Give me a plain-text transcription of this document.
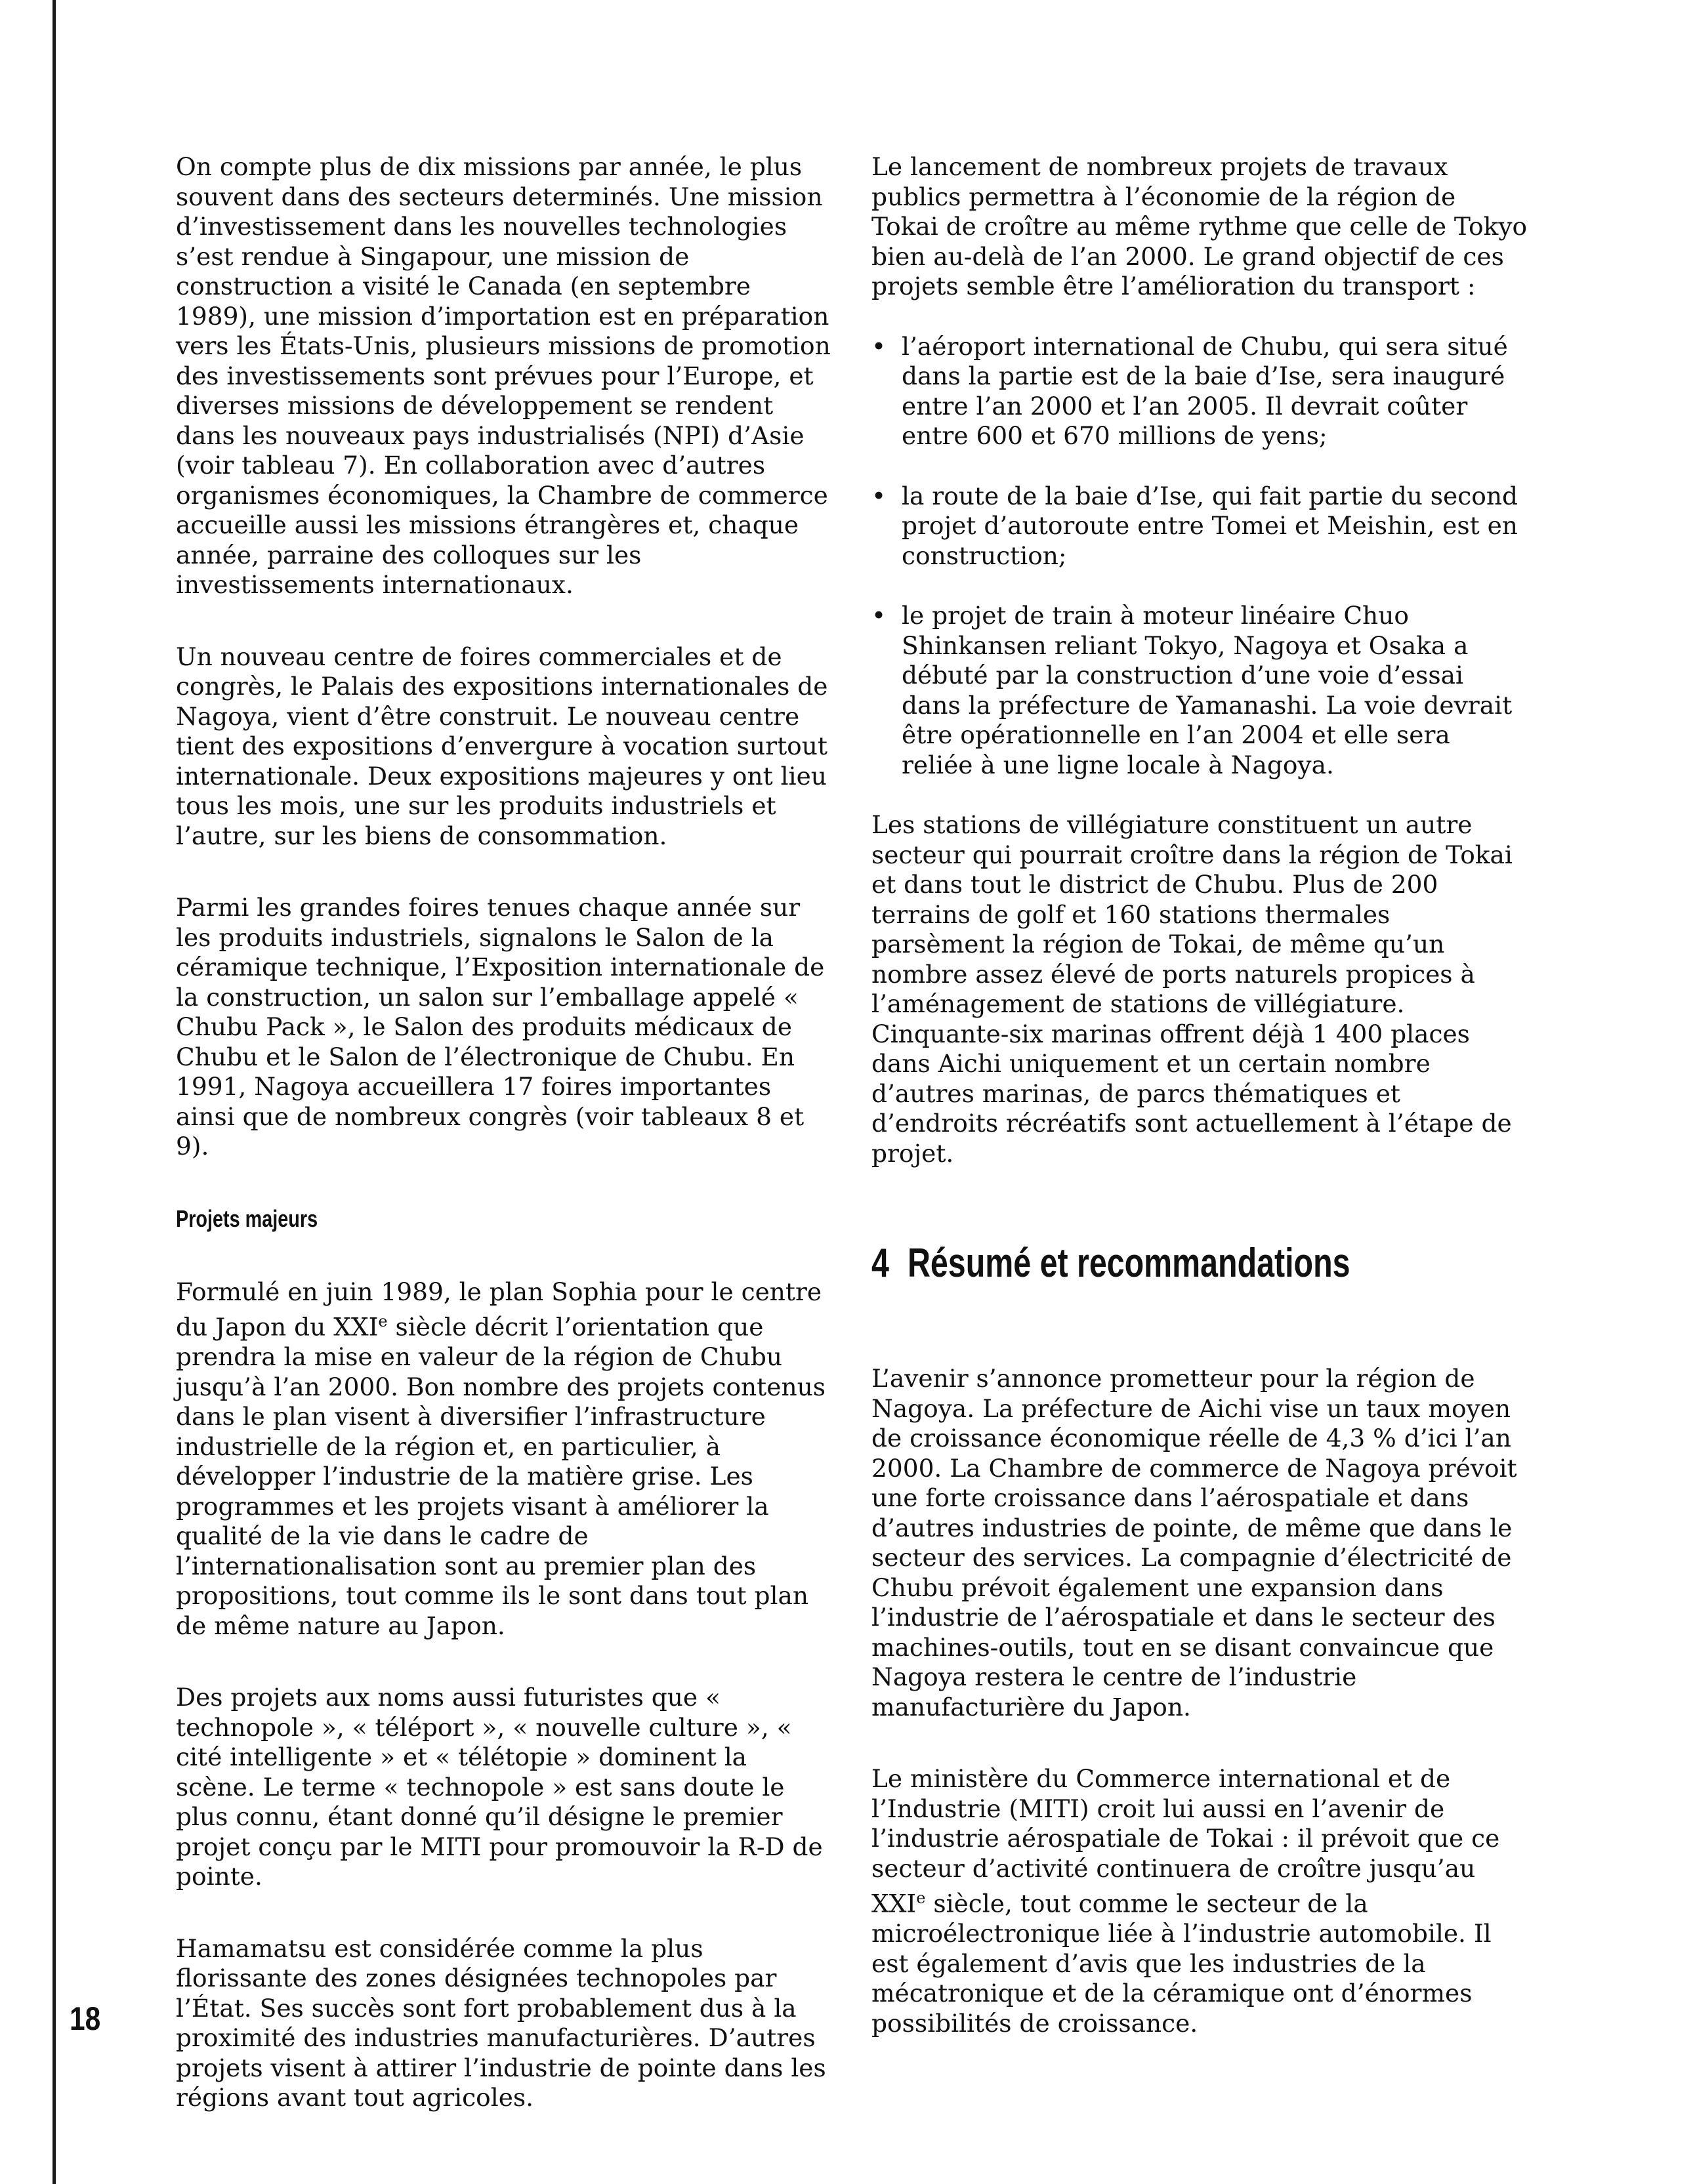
On compte plus de dix missions par année, le plus souvent dans des secteurs determinés. Une mission d’investissement dans les nouvelles technologies s’est rendue à Singapour, une mission de construction a visité le Canada (en septembre 1989), une mission d’importation est en préparation vers les États-Unis, plusieurs missions de promotion des investissements sont prévues pour l’Europe, et diverses missions de développement se rendent dans les nouveaux pays industrialisés (NPI) d’Asie (voir tableau 7). En collaboration avec d’autres organismes économiques, la Chambre de commerce accueille aussi les missions étrangères et, chaque année, parraine des colloques sur les investissements internationaux.

Un nouveau centre de foires commerciales et de congrès, le Palais des expositions internationales de Nagoya, vient d’être construit. Le nouveau centre tient des expositions d’envergure à vocation surtout internationale. Deux expositions majeures y ont lieu tous les mois, une sur les produits industriels et l’autre, sur les biens de consommation.

Parmi les grandes foires tenues chaque année sur les produits industriels, signalons le Salon de la céramique technique, l’Exposition internationale de la construction, un salon sur l’emballage appelé « Chubu Pack », le Salon des produits médicaux de Chubu et le Salon de l’électronique de Chubu. En 1991, Nagoya accueillera 17 foires importantes ainsi que de nombreux congrès (voir tableaux 8 et 9).

Projets majeurs

Formulé en juin 1989, le plan Sophia pour le centre du Japon du XXIe siècle décrit l’orientation que prendra la mise en valeur de la région de Chubu jusqu’à l’an 2000. Bon nombre des projets contenus dans le plan visent à diversifier l’infrastructure industrielle de la région et, en particulier, à développer l’industrie de la matière grise. Les programmes et les projets visant à améliorer la qualité de la vie dans le cadre de l’internationalisation sont au premier plan des propositions, tout comme ils le sont dans tout plan de même nature au Japon.

Des projets aux noms aussi futuristes que « technopole », « téléport », « nouvelle culture », « cité intelligente » et « télétopie » dominent la scène. Le terme « technopole » est sans doute le plus connu, étant donné qu’il désigne le premier projet conçu par le MITI pour promouvoir la R-D de pointe.

Hamamatsu est considérée comme la plus florissante des zones désignées technopoles par l’État. Ses succès sont fort probablement dus à la proximité des industries manufacturières. D’autres projets visent à attirer l’industrie de pointe dans les régions avant tout agricoles.

Le lancement de nombreux projets de travaux publics permettra à l’économie de la région de Tokai de croître au même rythme que celle de Tokyo bien au-delà de l’an 2000. Le grand objectif de ces projets semble être l’amélioration du transport :

• l’aéroport international de Chubu, qui sera situé dans la partie est de la baie d’Ise, sera inauguré entre l’an 2000 et l’an 2005. Il devrait coûter entre 600 et 670 millions de yens;
• la route de la baie d’Ise, qui fait partie du second projet d’autoroute entre Tomei et Meishin, est en construction;
• le projet de train à moteur linéaire Chuo Shinkansen reliant Tokyo, Nagoya et Osaka a débuté par la construction d’une voie d’essai dans la préfecture de Yamanashi. La voie devrait être opérationnelle en l’an 2004 et elle sera reliée à une ligne locale à Nagoya.

Les stations de villégiature constituent un autre secteur qui pourrait croître dans la région de Tokai et dans tout le district de Chubu. Plus de 200 terrains de golf et 160 stations thermales parsèment la région de Tokai, de même qu’un nombre assez élevé de ports naturels propices à l’aménagement de stations de villégiature. Cinquante-six marinas offrent déjà 1 400 places dans Aichi uniquement et un certain nombre d’autres marinas, de parcs thématiques et d’endroits récréatifs sont actuellement à l’étape de projet.

4 Résumé et recommandations

L’avenir s’annonce prometteur pour la région de Nagoya. La préfecture de Aichi vise un taux moyen de croissance économique réelle de 4,3 % d’ici l’an 2000. La Chambre de commerce de Nagoya prévoit une forte croissance dans l’aérospatiale et dans d’autres industries de pointe, de même que dans le secteur des services. La compagnie d’électricité de Chubu prévoit également une expansion dans l’industrie de l’aérospatiale et dans le secteur des machines-outils, tout en se disant convaincue que Nagoya restera le centre de l’industrie manufacturière du Japon.

Le ministère du Commerce international et de l’Industrie (MITI) croit lui aussi en l’avenir de l’industrie aérospatiale de Tokai : il prévoit que ce secteur d’activité continuera de croître jusqu’au XXIe siècle, tout comme le secteur de la microélectronique liée à l’industrie automobile. Il est également d’avis que les industries de la mécatronique et de la céramique ont d’énormes possibilités de croissance.

18
